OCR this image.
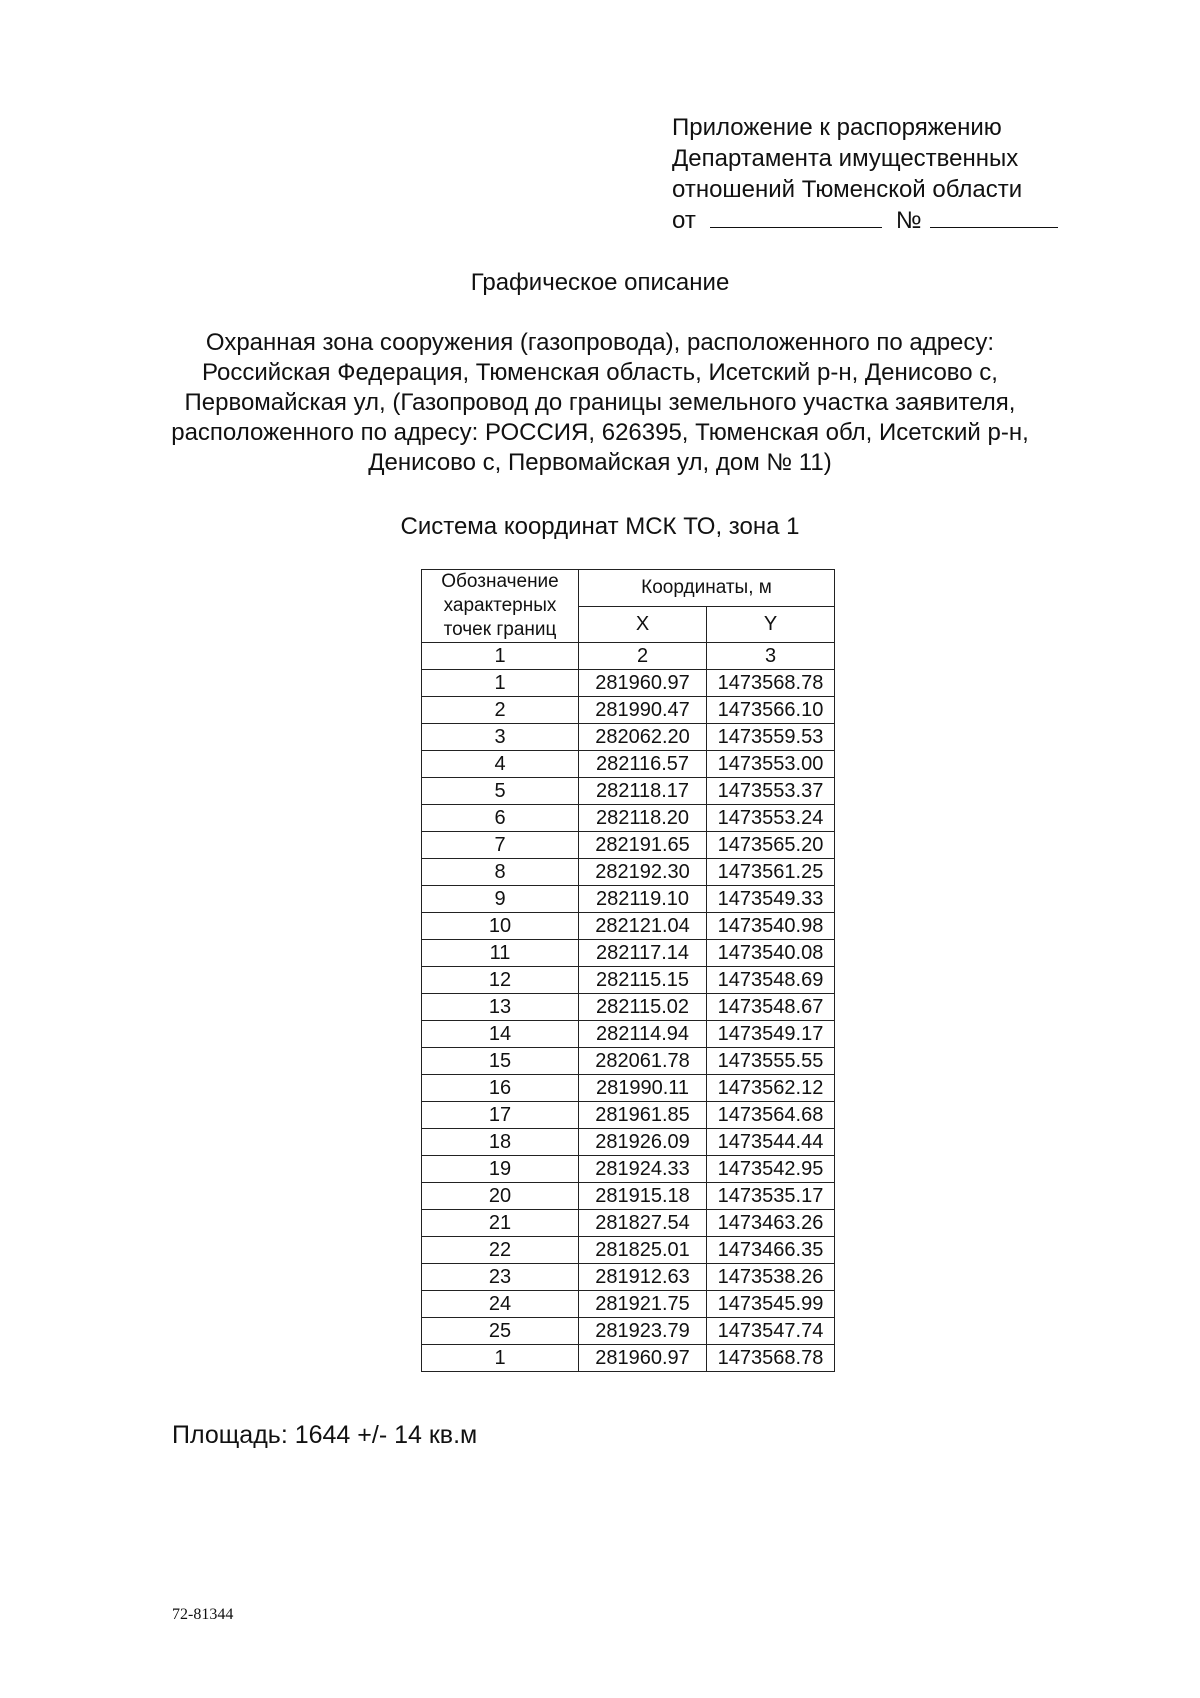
Приложение к распоряжению
Департамента имущественных
отношений Тюменской области
от	№
Графическое описание
Охранная зона сооружения (газопровода), расположенного по адресу:
Российская Федерация, Тюменская область, Исетский р-н, Денисово с,
Первомайская ул, (Газопровод до границы земельного участка заявителя,
расположенного по адресу: РОССИЯ, 626395, Тюменская обл, Исетский р-н,
Денисово с, Первомайская ул, дом № 11)
Система координат МСК ТО, зона 1
Обозначение
характерных
точек границ	Координаты, м	
	X	Y
1	2	3
1	281960.97	1473568.78
2	281990.47	1473566.10
3	282062.20	1473559.53
4	282116.57	1473553.00
5	282118.17	1473553.37
6	282118.20	1473553.24
7	282191.65	1473565.20
8	282192.30	1473561.25
9	282119.10	1473549.33
10	282121.04	1473540.98
11	282117.14	1473540.08
12	282115.15	1473548.69
13	282115.02	1473548.67
14	282114.94	1473549.17
15	282061.78	1473555.55
16	281990.11	1473562.12
17	281961.85	1473564.68
18	281926.09	1473544.44
19	281924.33	1473542.95
20	281915.18	1473535.17
21	281827.54	1473463.26
22	281825.01	1473466.35
23	281912.63	1473538.26
24	281921.75	1473545.99
25	281923.79	1473547.74
1	281960.97	1473568.78
Площадь: 1644 +/- 14 кв.м
72-81344
